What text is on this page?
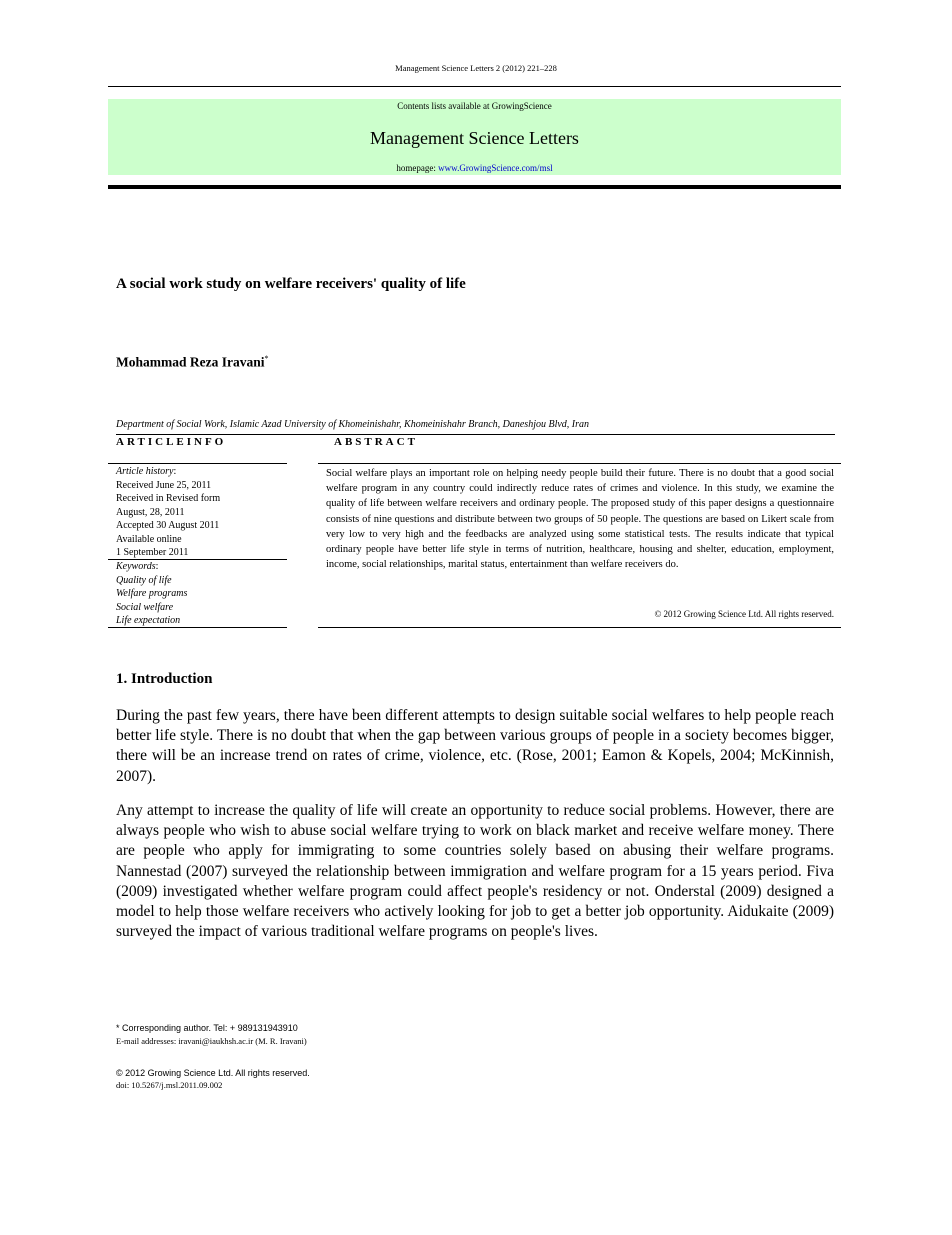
Management Science Letters 2 (2012) 221–228
Contents lists available at GrowingScience
Management Science Letters
homepage: www.GrowingScience.com/msl
A social work study on welfare receivers' quality of life
Mohammad Reza Iravani*
Department of Social Work, Islamic Azad University of Khomeinishahr, Khomeinishahr Branch, Daneshjou Blvd, Iran
ARTICLEINFO	ABSTRACT
Article history:
Received June 25, 2011
Received in Revised form
August, 28, 2011
Accepted 30 August 2011
Available online
1 September 2011
Keywords:
Quality of life
Welfare programs
Social welfare
Life expectation
Social welfare plays an important role on helping needy people build their future. There is no doubt that a good social welfare program in any country could indirectly reduce rates of crimes and violence. In this study, we examine the quality of life between welfare receivers and ordinary people. The proposed study of this paper designs a questionnaire consists of nine questions and distribute between two groups of 50 people. The questions are based on Likert scale from very low to very high and the feedbacks are analyzed using some statistical tests. The results indicate that typical ordinary people have better life style in terms of nutrition, healthcare, housing and shelter, education, employment, income, social relationships, marital status, entertainment than welfare receivers do.
© 2012 Growing Science Ltd. All rights reserved.
1. Introduction
During the past few years, there have been different attempts to design suitable social welfares to help people reach better life style. There is no doubt that when the gap between various groups of people in a society becomes bigger, there will be an increase trend on rates of crime, violence, etc. (Rose, 2001; Eamon & Kopels, 2004; McKinnish, 2007).
Any attempt to increase the quality of life will create an opportunity to reduce social problems. However, there are always people who wish to abuse social welfare trying to work on black market and receive welfare money. There are people who apply for immigrating to some countries solely based on abusing their welfare programs. Nannestad (2007) surveyed the relationship between immigration and welfare program for a 15 years period. Fiva (2009) investigated whether welfare program could affect people's residency or not. Onderstal (2009) designed a model to help those welfare receivers who actively looking for job to get a better job opportunity. Aidukaite (2009) surveyed the impact of various traditional welfare programs on people's lives.
* Corresponding author. Tel: + 989131943910
E-mail addresses: iravani@iaukhsh.ac.ir (M. R. Iravani)
© 2012 Growing Science Ltd. All rights reserved.
doi: 10.5267/j.msl.2011.09.002
